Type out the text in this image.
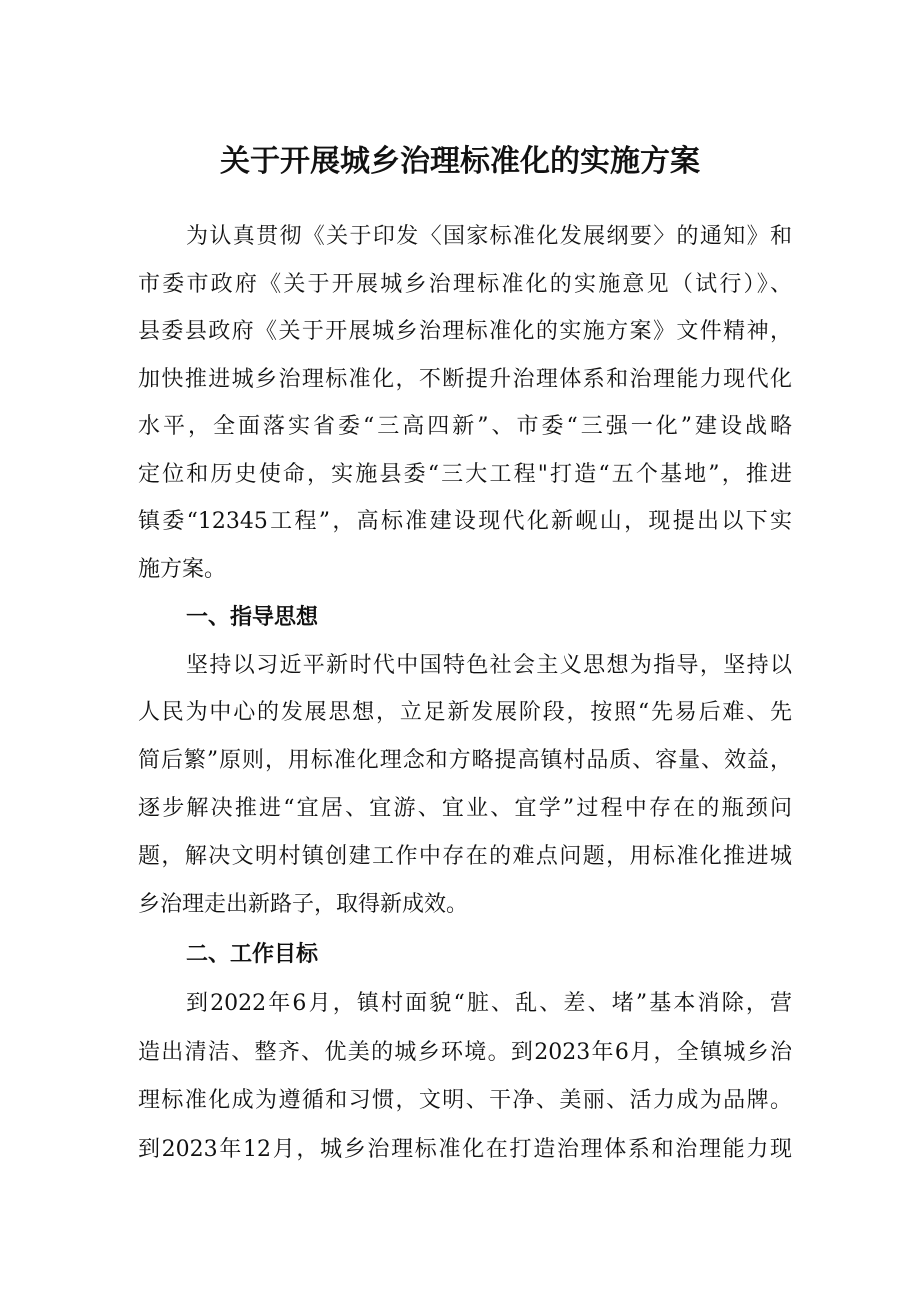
关于开展城乡治理标准化的实施方案
为认真贯彻《关于印发〈国家标准化发展纲要〉的通知》和
市委市政府《关于开展城乡治理标准化的实施意见（试行）》、
县委县政府《关于开展城乡治理标准化的实施方案》文件精神，
加快推进城乡治理标准化，不断提升治理体系和治理能力现代化
水平，全面落实省委“三高四新”、市委“三强一化”建设战略
定位和历史使命，实施县委“三大工程"打造“五个基地”，推进
镇委“12345工程”，高标准建设现代化新岘山，现提出以下实
施方案。
一、指导思想
坚持以习近平新时代中国特色社会主义思想为指导，坚持以
人民为中心的发展思想，立足新发展阶段，按照“先易后难、先
简后繁”原则，用标准化理念和方略提高镇村品质、容量、效益，
逐步解决推进“宜居、宜游、宜业、宜学”过程中存在的瓶颈问
题，解决文明村镇创建工作中存在的难点问题，用标准化推进城
乡治理走出新路子，取得新成效。
二、工作目标
到2022年6月，镇村面貌“脏、乱、差、堵”基本消除，营
造出清洁、整齐、优美的城乡环境。到2023年6月，全镇城乡治
理标准化成为遵循和习惯，文明、干净、美丽、活力成为品牌。
到2023年12月，城乡治理标准化在打造治理体系和治理能力现
